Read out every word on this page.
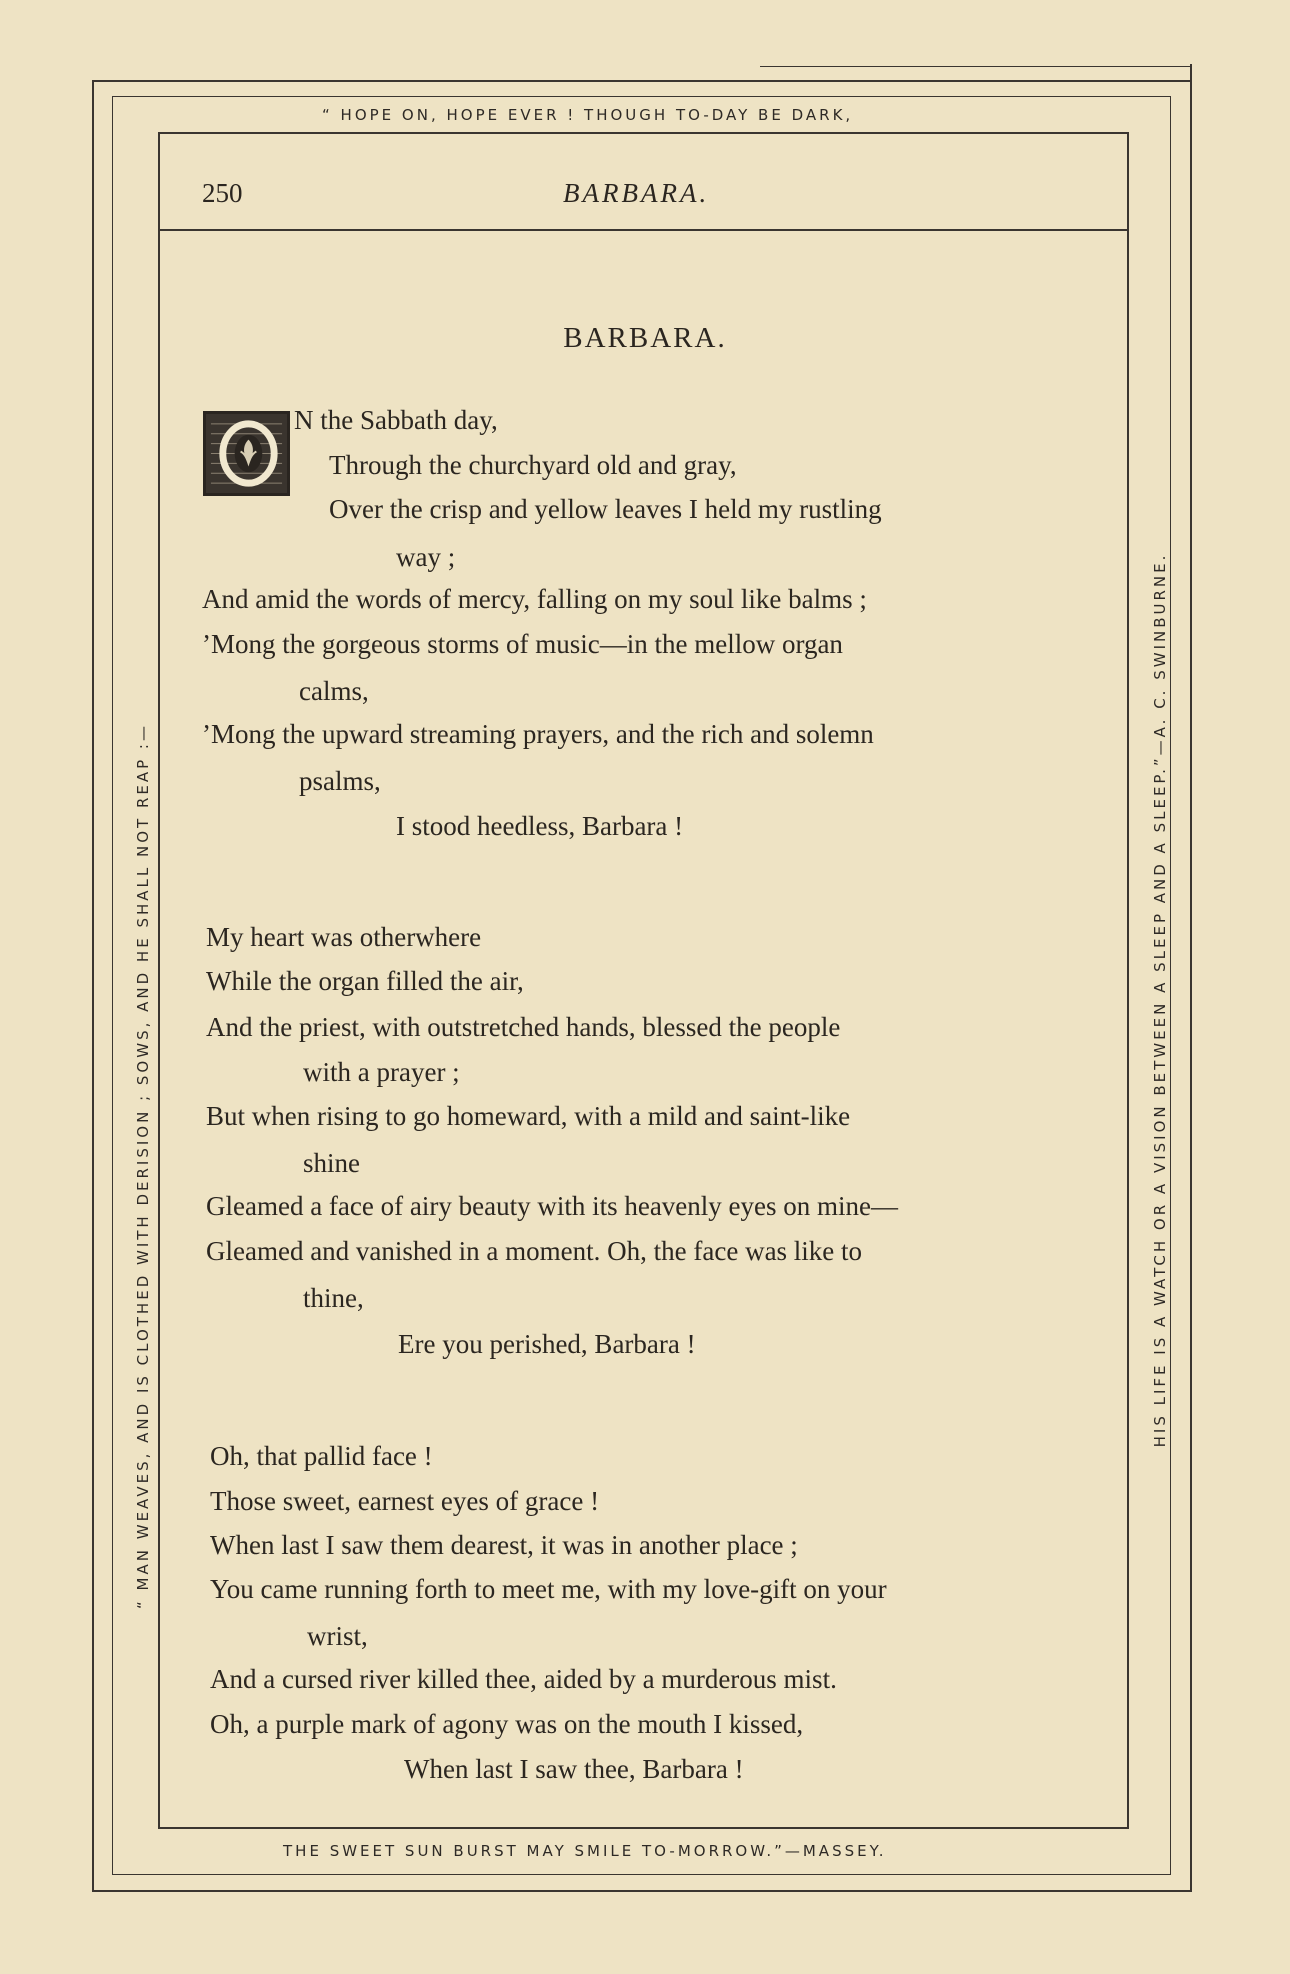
“ HOPE ON, HOPE EVER ! THOUGH TO-DAY BE DARK,
THE SWEET SUN BURST MAY SMILE TO-MORROW.”—MASSEY.
“ MAN WEAVES, AND IS CLOTHED WITH DERISION ; SOWS, AND HE SHALL NOT REAP :—	HIS LIFE IS A WATCH OR A VISION BETWEEN A SLEEP AND A SLEEP.”—A. C. SWINBURNE.
250	BARBARA.
BARBARA.
N the Sabbath day,
Through the churchyard old and gray,
Over the crisp and yellow leaves I held my rustling
way ;
And amid the words of mercy, falling on my soul like balms ;
’Mong the gorgeous storms of music—in the mellow organ
calms,
’Mong the upward streaming prayers, and the rich and solemn
psalms,
I stood heedless, Barbara !
My heart was otherwhere
While the organ filled the air,
And the priest, with outstretched hands, blessed the people
with a prayer ;
But when rising to go homeward, with a mild and saint-like
shine
Gleamed a face of airy beauty with its heavenly eyes on mine—
Gleamed and vanished in a moment. Oh, the face was like to
thine,
Ere you perished, Barbara !
Oh, that pallid face !
Those sweet, earnest eyes of grace !
When last I saw them dearest, it was in another place ;
You came running forth to meet me, with my love-gift on your
wrist,
And a cursed river killed thee, aided by a murderous mist.
Oh, a purple mark of agony was on the mouth I kissed,
When last I saw thee, Barbara !
